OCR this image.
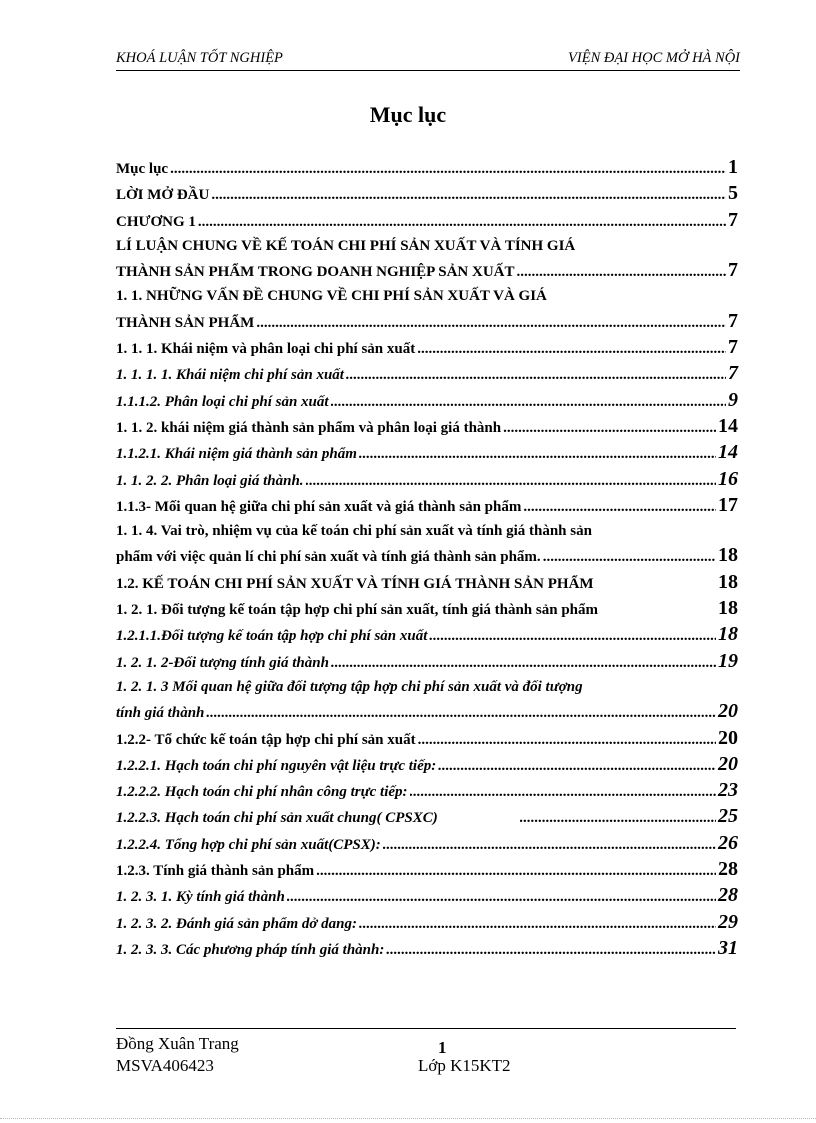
KHOÁ LUẬN TỐT NGHIỆP	VIỆN ĐẠI HỌC MỞ HÀ NỘI
Mục lục
Mục lục .....	1
LỜI MỞ ĐẦU .....	5
CHƯƠNG 1 .....	7
LÍ LUẬN CHUNG VỀ KẾ TOÁN CHI PHÍ SẢN XUẤT VÀ TÍNH GIÁ
THÀNH SẢN PHẨM TRONG DOANH NGHIỆP SẢN XUẤT .....	7
1. 1. NHỮNG VẤN ĐỀ CHUNG VỀ CHI PHÍ SẢN XUẤT VÀ GIÁ
THÀNH SẢN PHẨM .....	7
1. 1. 1. Khái niệm và phân loại chi phí sản xuất .....	7
1. 1. 1. 1. Khái niệm chi phí sản xuất .....	7
1.1.1.2. Phân loại chi phí sản xuất .....	9
1. 1. 2. khái niệm giá thành sản phẩm và phân loại giá thành .....	14
1.1.2.1. Khái niệm giá thành sản phẩm .....	14
1. 1. 2. 2. Phân loại giá thành. .....	16
1.1.3- Mối quan hệ giữa chi phí sản xuất và giá thành sản phẩm .....	17
1. 1. 4. Vai trò, nhiệm vụ của kế toán chi phí sản xuất và tính giá thành sản
phẩm với việc quản lí chi phí sản xuất và tính giá thành sản phẩm. .....	18
1.2. KẾ TOÁN CHI PHÍ SẢN XUẤT VÀ TÍNH GIÁ THÀNH SẢN PHẨM	18
1. 2. 1. Đối tượng kế toán tập hợp chi phí sản xuất, tính giá thành sản phẩm	18
1.2.1.1.Đối tượng kế toán tập hợp chi phí sản xuất .....	18
1. 2. 1. 2-Đối tượng tính giá thành .....	19
1. 2. 1. 3 Mối quan hệ giữa đối tượng tập hợp chi phí sản xuất và đối tượng
tính giá thành .....	20
1.2.2- Tổ chức kế toán tập hợp chi phí sản xuất .....	20
1.2.2.1. Hạch toán chi phí nguyên vật liệu trực tiếp: .....	20
1.2.2.2. Hạch toán chi phí nhân công trực tiếp: .....	23
1.2.2.3. Hạch toán chi phí sản xuất chung( CPSXC) .....	25
1.2.2.4. Tổng hợp chi phí sản xuất(CPSX): .....	26
1.2.3. Tính giá thành sản phẩm .....	28
1. 2. 3. 1. Kỳ tính giá thành .....	28
1. 2. 3. 2. Đánh giá sản phẩm dở dang: .....	29
1. 2. 3. 3. Các phương pháp tính giá thành: .....	31
Đồng Xuân Trang
MSVA406423
1
Lớp K15KT2
